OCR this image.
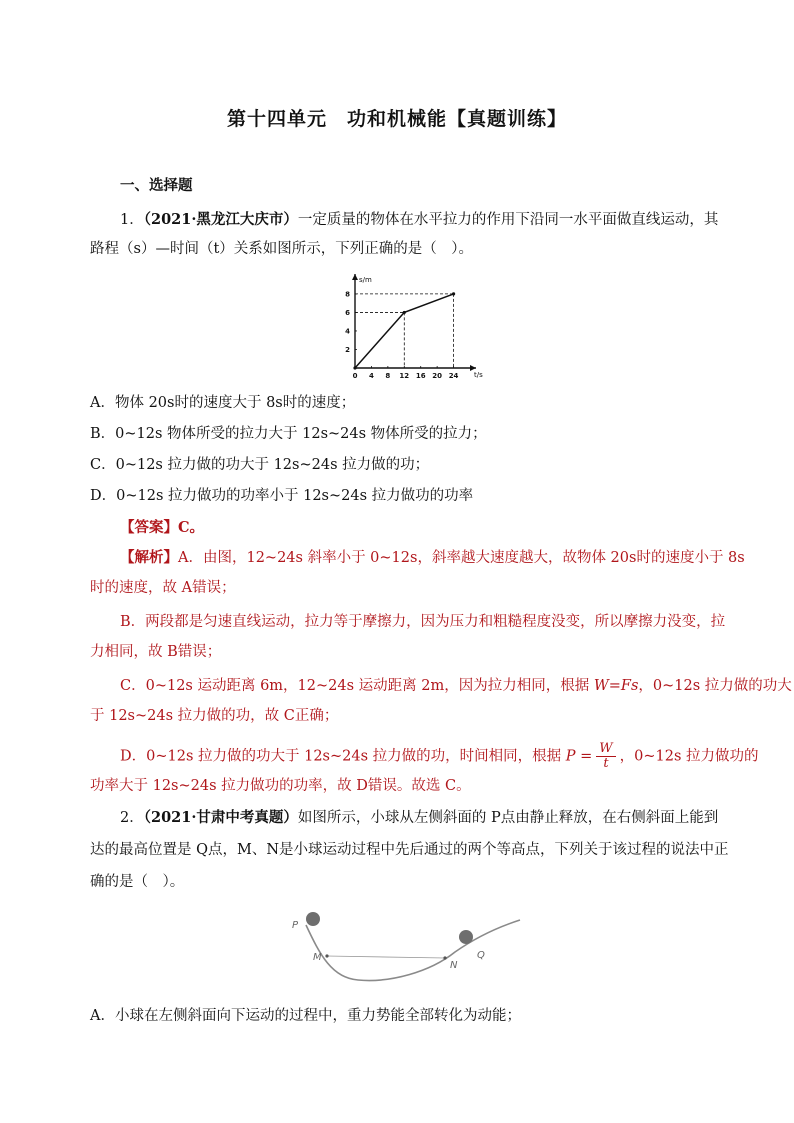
第十四单元　功和机械能【真题训练】
一、选择题
1．（2021·黑龙江大庆市）一定质量的物体在水平拉力的作用下沿同一水平面做直线运动，其
路程（s）—时间（t）关系如图所示，下列正确的是（　）。
s/m
t/s
0 4 8 12 16 20 24
2
4
6
8
A．物体 20s时的速度大于 8s时的速度；
B．0~12s 物体所受的拉力大于 12s~24s 物体所受的拉力；
C．0~12s 拉力做的功大于 12s~24s 拉力做的功；
D．0~12s 拉力做功的功率小于 12s~24s 拉力做功的功率
【答案】C。
【解析】A．由图，12~24s 斜率小于 0~12s，斜率越大速度越大，故物体 20s时的速度小于 8s
时的速度，故 A错误；
B．两段都是匀速直线运动，拉力等于摩擦力，因为压力和粗糙程度没变，所以摩擦力没变，拉
力相同，故 B错误；
C．0~12s 运动距离 6m，12~24s 运动距离 2m，因为拉力相同，根据 W=Fs，0~12s 拉力做的功大
于 12s~24s 拉力做的功，故 C正确；
D．0~12s 拉力做的功大于 12s~24s 拉力做的功，时间相同，根据 $P = \frac{W}{t}$ ，0~12s 拉力做功的
功率大于 12s~24s 拉力做功的功率，故 D错误。故选 C。
2．（2021·甘肃中考真题）如图所示，小球从左侧斜面的 P点由静止释放，在右侧斜面上能到
达的最高位置是 Q点，M、N是小球运动过程中先后通过的两个等高点，下列关于该过程的说法中正
确的是（　）。
P
M
N
Q
A．小球在左侧斜面向下运动的过程中，重力势能全部转化为动能；
